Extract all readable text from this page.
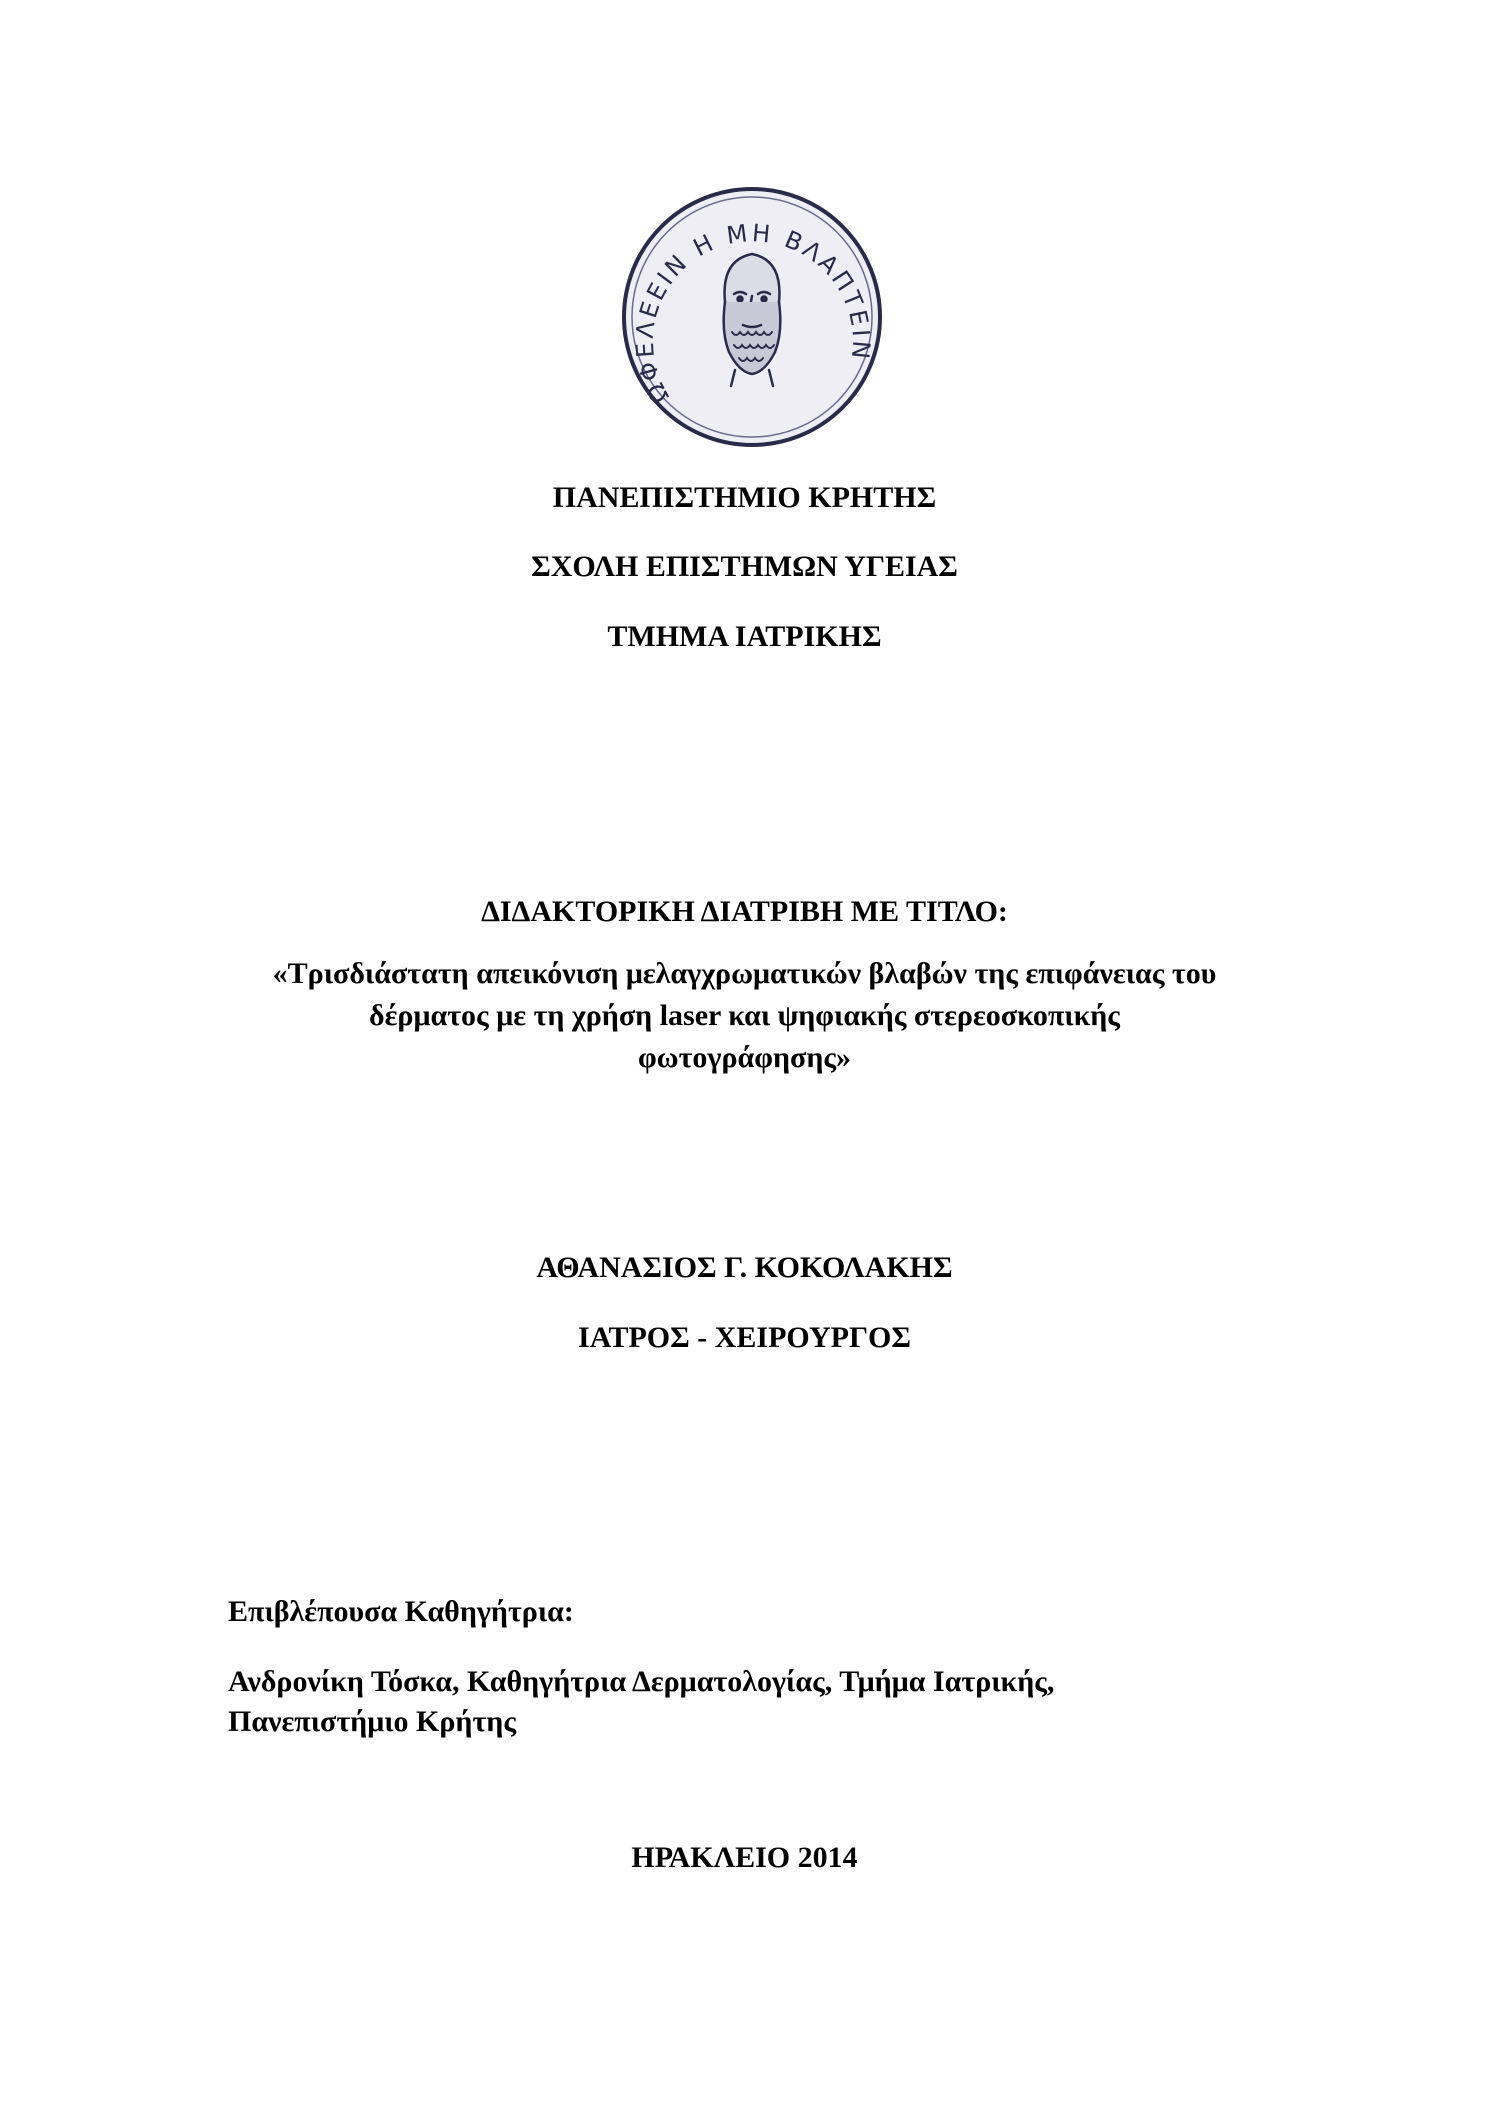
ΩΦΕΛΕΕΙΝ Η ΜΗ ΒΛΑΠΤΕΙΝ
ΠΑΝΕΠΙΣΤΗΜΙΟ ΚΡΗΤΗΣ
ΣΧΟΛΗ ΕΠΙΣΤΗΜΩΝ ΥΓΕΙΑΣ
ΤΜΗΜΑ ΙΑΤΡΙΚΗΣ
ΔΙΔΑΚΤΟΡΙΚΗ ΔΙΑΤΡΙΒΗ ΜΕ ΤΙΤΛΟ:
«Τρισδιάστατη απεικόνιση μελαγχρωματικών βλαβών της επιφάνειας του
δέρματος με τη χρήση laser και ψηφιακής στερεοσκοπικής
φωτογράφησης»
ΑΘΑΝΑΣΙΟΣ Γ. ΚΟΚΟΛΑΚΗΣ
ΙΑΤΡΟΣ - ΧΕΙΡΟΥΡΓΟΣ
Επιβλέπουσα Καθηγήτρια:
Ανδρονίκη Τόσκα, Καθηγήτρια Δερματολογίας, Τμήμα Ιατρικής,
Πανεπιστήμιο Κρήτης
ΗΡΑΚΛΕΙΟ 2014
